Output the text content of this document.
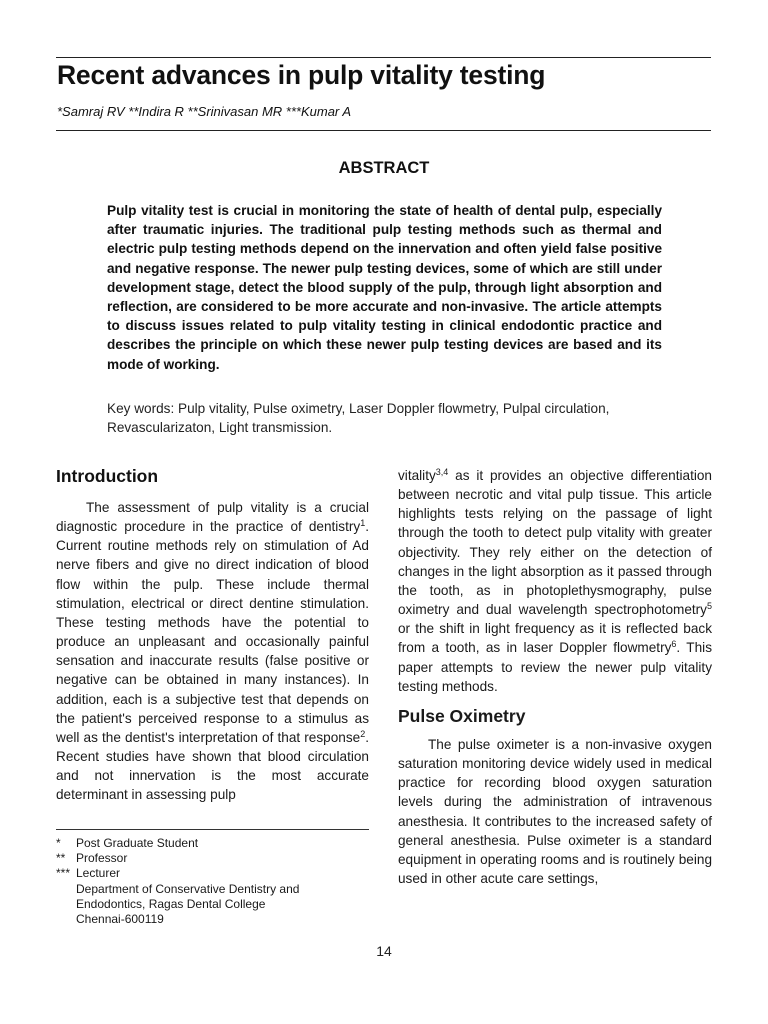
Recent advances in pulp vitality testing
*Samraj RV **Indira R **Srinivasan MR ***Kumar A
ABSTRACT

Pulp vitality test is crucial in monitoring the state of health of dental pulp, especially after traumatic injuries. The traditional pulp testing methods such as thermal and electric pulp testing methods depend on the innervation and often yield false positive and negative response. The newer pulp testing devices, some of which are still under development stage, detect the blood supply of the pulp, through light absorption and reflection, are considered to be more accurate and non-invasive. The article attempts to discuss issues related to pulp vitality testing in clinical endodontic practice and describes the principle on which these newer pulp testing devices are based and its mode of working.

Key words: Pulp vitality, Pulse oximetry, Laser Doppler flowmetry, Pulpal circulation, Revascularizaton, Light transmission.

Introduction

The assessment of pulp vitality is a crucial diagnostic procedure in the practice of dentistry$^1$. Current routine methods rely on stimulation of Ad nerve fibers and give no direct indication of blood flow within the pulp. These include thermal stimulation, electrical or direct dentine stimulation. These testing methods have the potential to produce an unpleasant and occasionally painful sensation and inaccurate results (false positive or negative can be obtained in many instances). In addition, each is a subjective test that depends on the patient's perceived response to a stimulus as well as the dentist's interpretation of that response$^2$. Recent studies have shown that blood circulation and not innervation is the most accurate determinant in assessing pulp

vitality$^{3,4}$ as it provides an objective differentiation between necrotic and vital pulp tissue. This article highlights tests relying on the passage of light through the tooth to detect pulp vitality with greater objectivity. They rely either on the detection of changes in the light absorption as it passed through the tooth, as in photoplethysmography, pulse oximetry and dual wavelength spectrophotometry$^5$ or the shift in light frequency as it is reflected back from a tooth, as in laser Doppler flowmetry$^6$. This paper attempts to review the newer pulp vitality testing methods.

Pulse Oximetry

The pulse oximeter is a non-invasive oxygen saturation monitoring device widely used in medical practice for recording blood oxygen saturation levels during the administration of intravenous anesthesia. It contributes to the increased safety of general anesthesia. Pulse oximeter is a standard equipment in operating rooms and is routinely being used in other acute care settings,

*	Post Graduate Student
** Professor
*** Lecturer
Department of Conservative Dentistry and
Endodontics, Ragas Dental College
Chennai-600119
14
